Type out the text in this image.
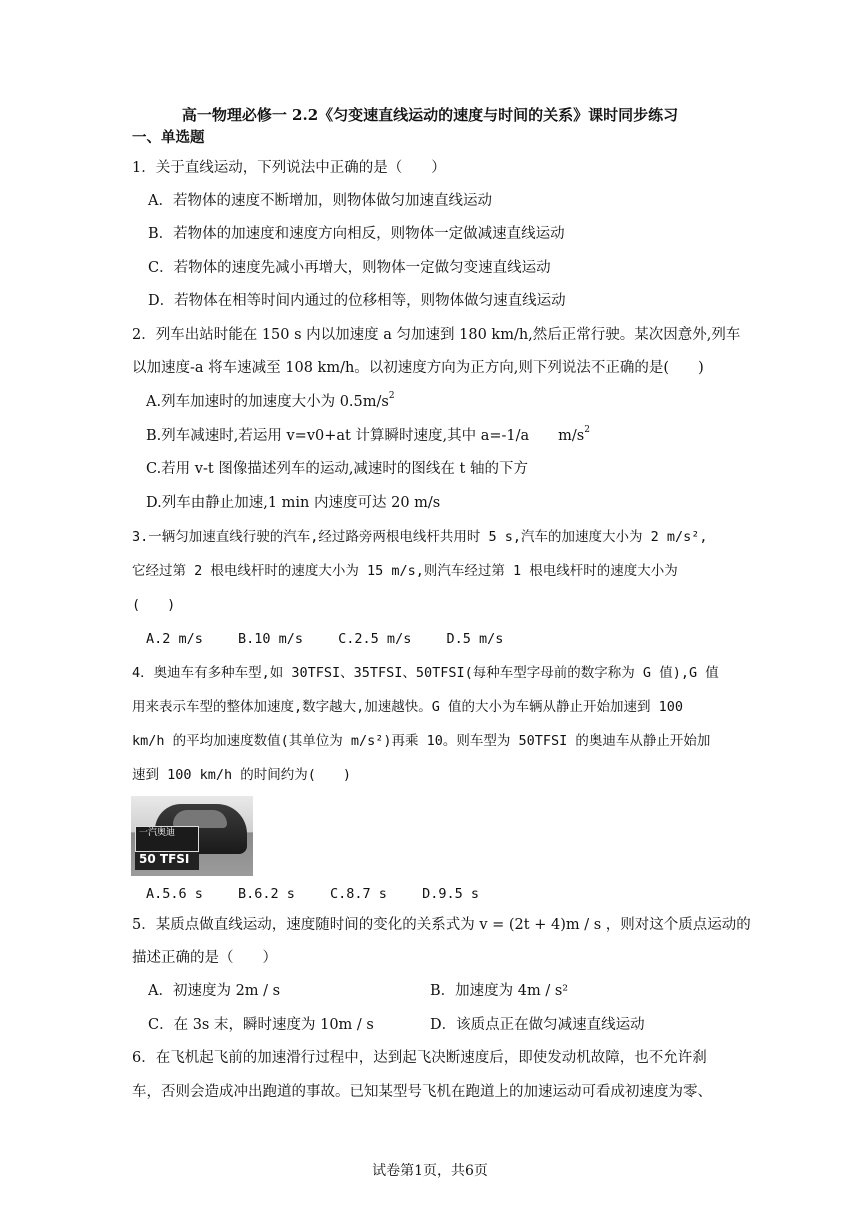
高一物理必修一 2.2《匀变速直线运动的速度与时间的关系》课时同步练习
一、单选题
1．关于直线运动，下列说法中正确的是（　　）
A．若物体的速度不断增加，则物体做匀加速直线运动
B．若物体的加速度和速度方向相反，则物体一定做减速直线运动
C．若物体的速度先减小再增大，则物体一定做匀变速直线运动
D．若物体在相等时间内通过的位移相等，则物体做匀速直线运动
2．列车出站时能在 150 s 内以加速度 a 匀加速到 180 km/h,然后正常行驶。某次因意外,列车
以加速度-a 将车速减至 108 km/h。以初速度方向为正方向,则下列说法不正确的是(　　)
A.列车加速时的加速度大小为 $0.5m/s^2$
B.列车减速时,若运用 v=v0+at 计算瞬时速度,其中 a=-1/a　　$m/s^2$
C.若用 v-t 图像描述列车的运动,减速时的图线在 t 轴的下方
D.列车由静止加速,1 min 内速度可达 20 m/s
3.一辆匀加速直线行驶的汽车,经过路旁两根电线杆共用时 5 s,汽车的加速度大小为 2 m/s²,
它经过第 2 根电线杆时的速度大小为 15 m/s,则汽车经过第 1 根电线杆时的速度大小为
(　　)
A.2 m/s　　 B.10 m/s　　 C.2.5 m/s　　 D.5 m/s
4．奥迪车有多种车型,如 30TFSI、35TFSI、50TFSI(每种车型字母前的数字称为 G 值),G 值
用来表示车型的整体加速度,数字越大,加速越快。G 值的大小为车辆从静止开始加速到 100
km/h 的平均加速度数值(其单位为 m/s²)再乘 10。则车型为 50TFSI 的奥迪车从静止开始加
速到 100 km/h 的时间约为(　　)
一汽奥迪
50 TFSI
A.5.6 s　　 B.6.2 s　　 C.8.7 s　　 D.9.5 s
5．某质点做直线运动，速度随时间的变化的关系式为 v = (2t + 4)m / s ，则对这个质点运动的
描述正确的是（　　）
A．初速度为 2m / s	B．加速度为 4m / s²
C．在 3s 末，瞬时速度为 10m / s	D．该质点正在做匀减速直线运动
6．在飞机起飞前的加速滑行过程中，达到起飞决断速度后，即使发动机故障，也不允许刹
车，否则会造成冲出跑道的事故。已知某型号飞机在跑道上的加速运动可看成初速度为零、
试卷第1页，共6页
